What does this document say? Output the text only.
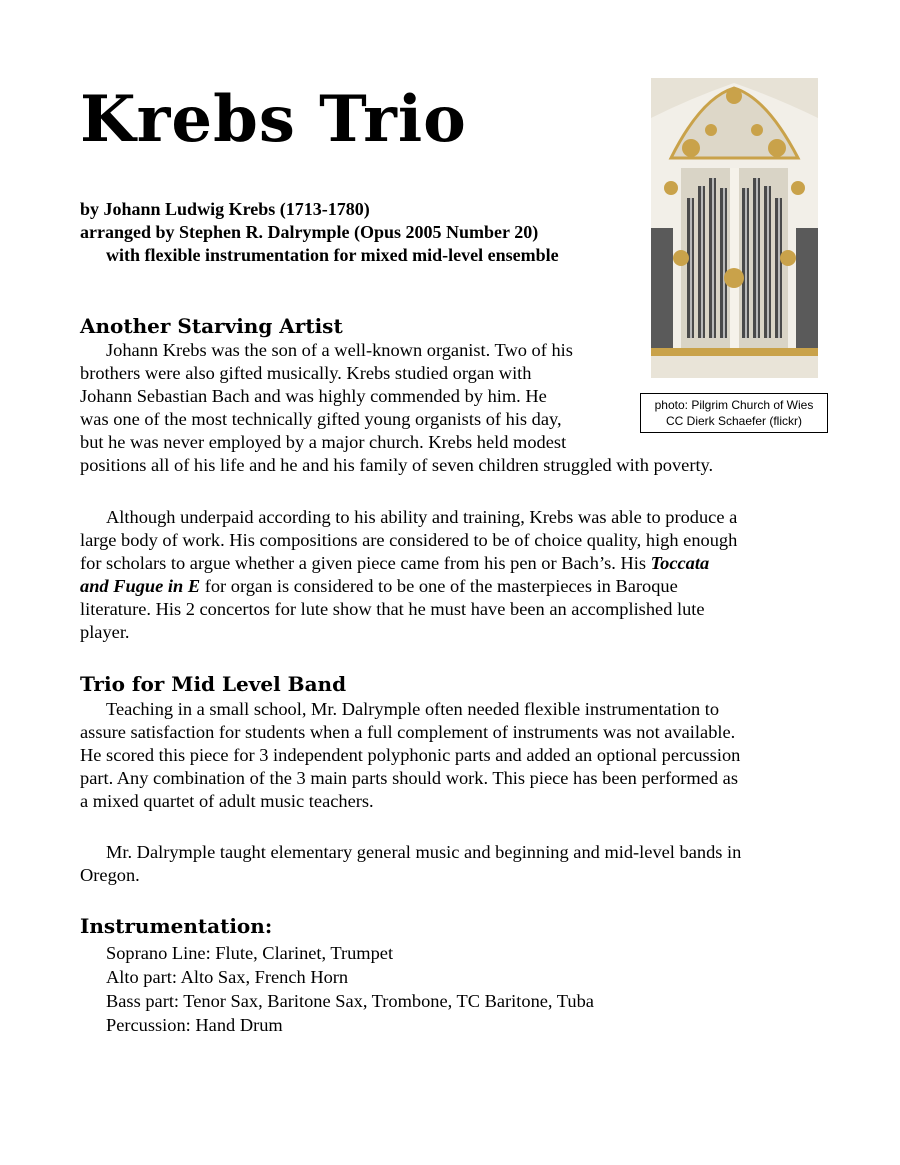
Krebs Trio
by Johann Ludwig Krebs (1713-1780)
arranged by Stephen R. Dalrymple (Opus 2005 Number 20)
with flexible instrumentation for mixed mid-level ensemble
photo: Pilgrim Church of Wies
CC Dierk Schaefer (flickr)
Another Starving Artist

Johann Krebs was the son of a well-known organist. Two of his
brothers were also gifted musically. Krebs studied organ with
Johann Sebastian Bach and was highly commended by him. He
was one of the most technically gifted young organists of his day,
but he was never employed by a major church. Krebs held modest
positions all of his life and he and his family of seven children struggled with poverty.

Although underpaid according to his ability and training, Krebs was able to produce a
large body of work. His compositions are considered to be of choice quality, high enough
for scholars to argue whether a given piece came from his pen or Bach’s. His Toccata
and Fugue in E for organ is considered to be one of the masterpieces in Baroque
literature. His 2 concertos for lute show that he must have been an accomplished lute
player.

Trio for Mid Level Band

Teaching in a small school, Mr. Dalrymple often needed flexible instrumentation to
assure satisfaction for students when a full complement of instruments was not available.
He scored this piece for 3 independent polyphonic parts and added an optional percussion
part. Any combination of the 3 main parts should work. This piece has been performed as
a mixed quartet of adult music teachers.

Mr. Dalrymple taught elementary general music and beginning and mid-level bands in
Oregon.

Instrumentation:
Soprano Line: Flute, Clarinet, Trumpet
Alto part: Alto Sax, French Horn
Bass part: Tenor Sax, Baritone Sax, Trombone, TC Baritone, Tuba
Percussion: Hand Drum
